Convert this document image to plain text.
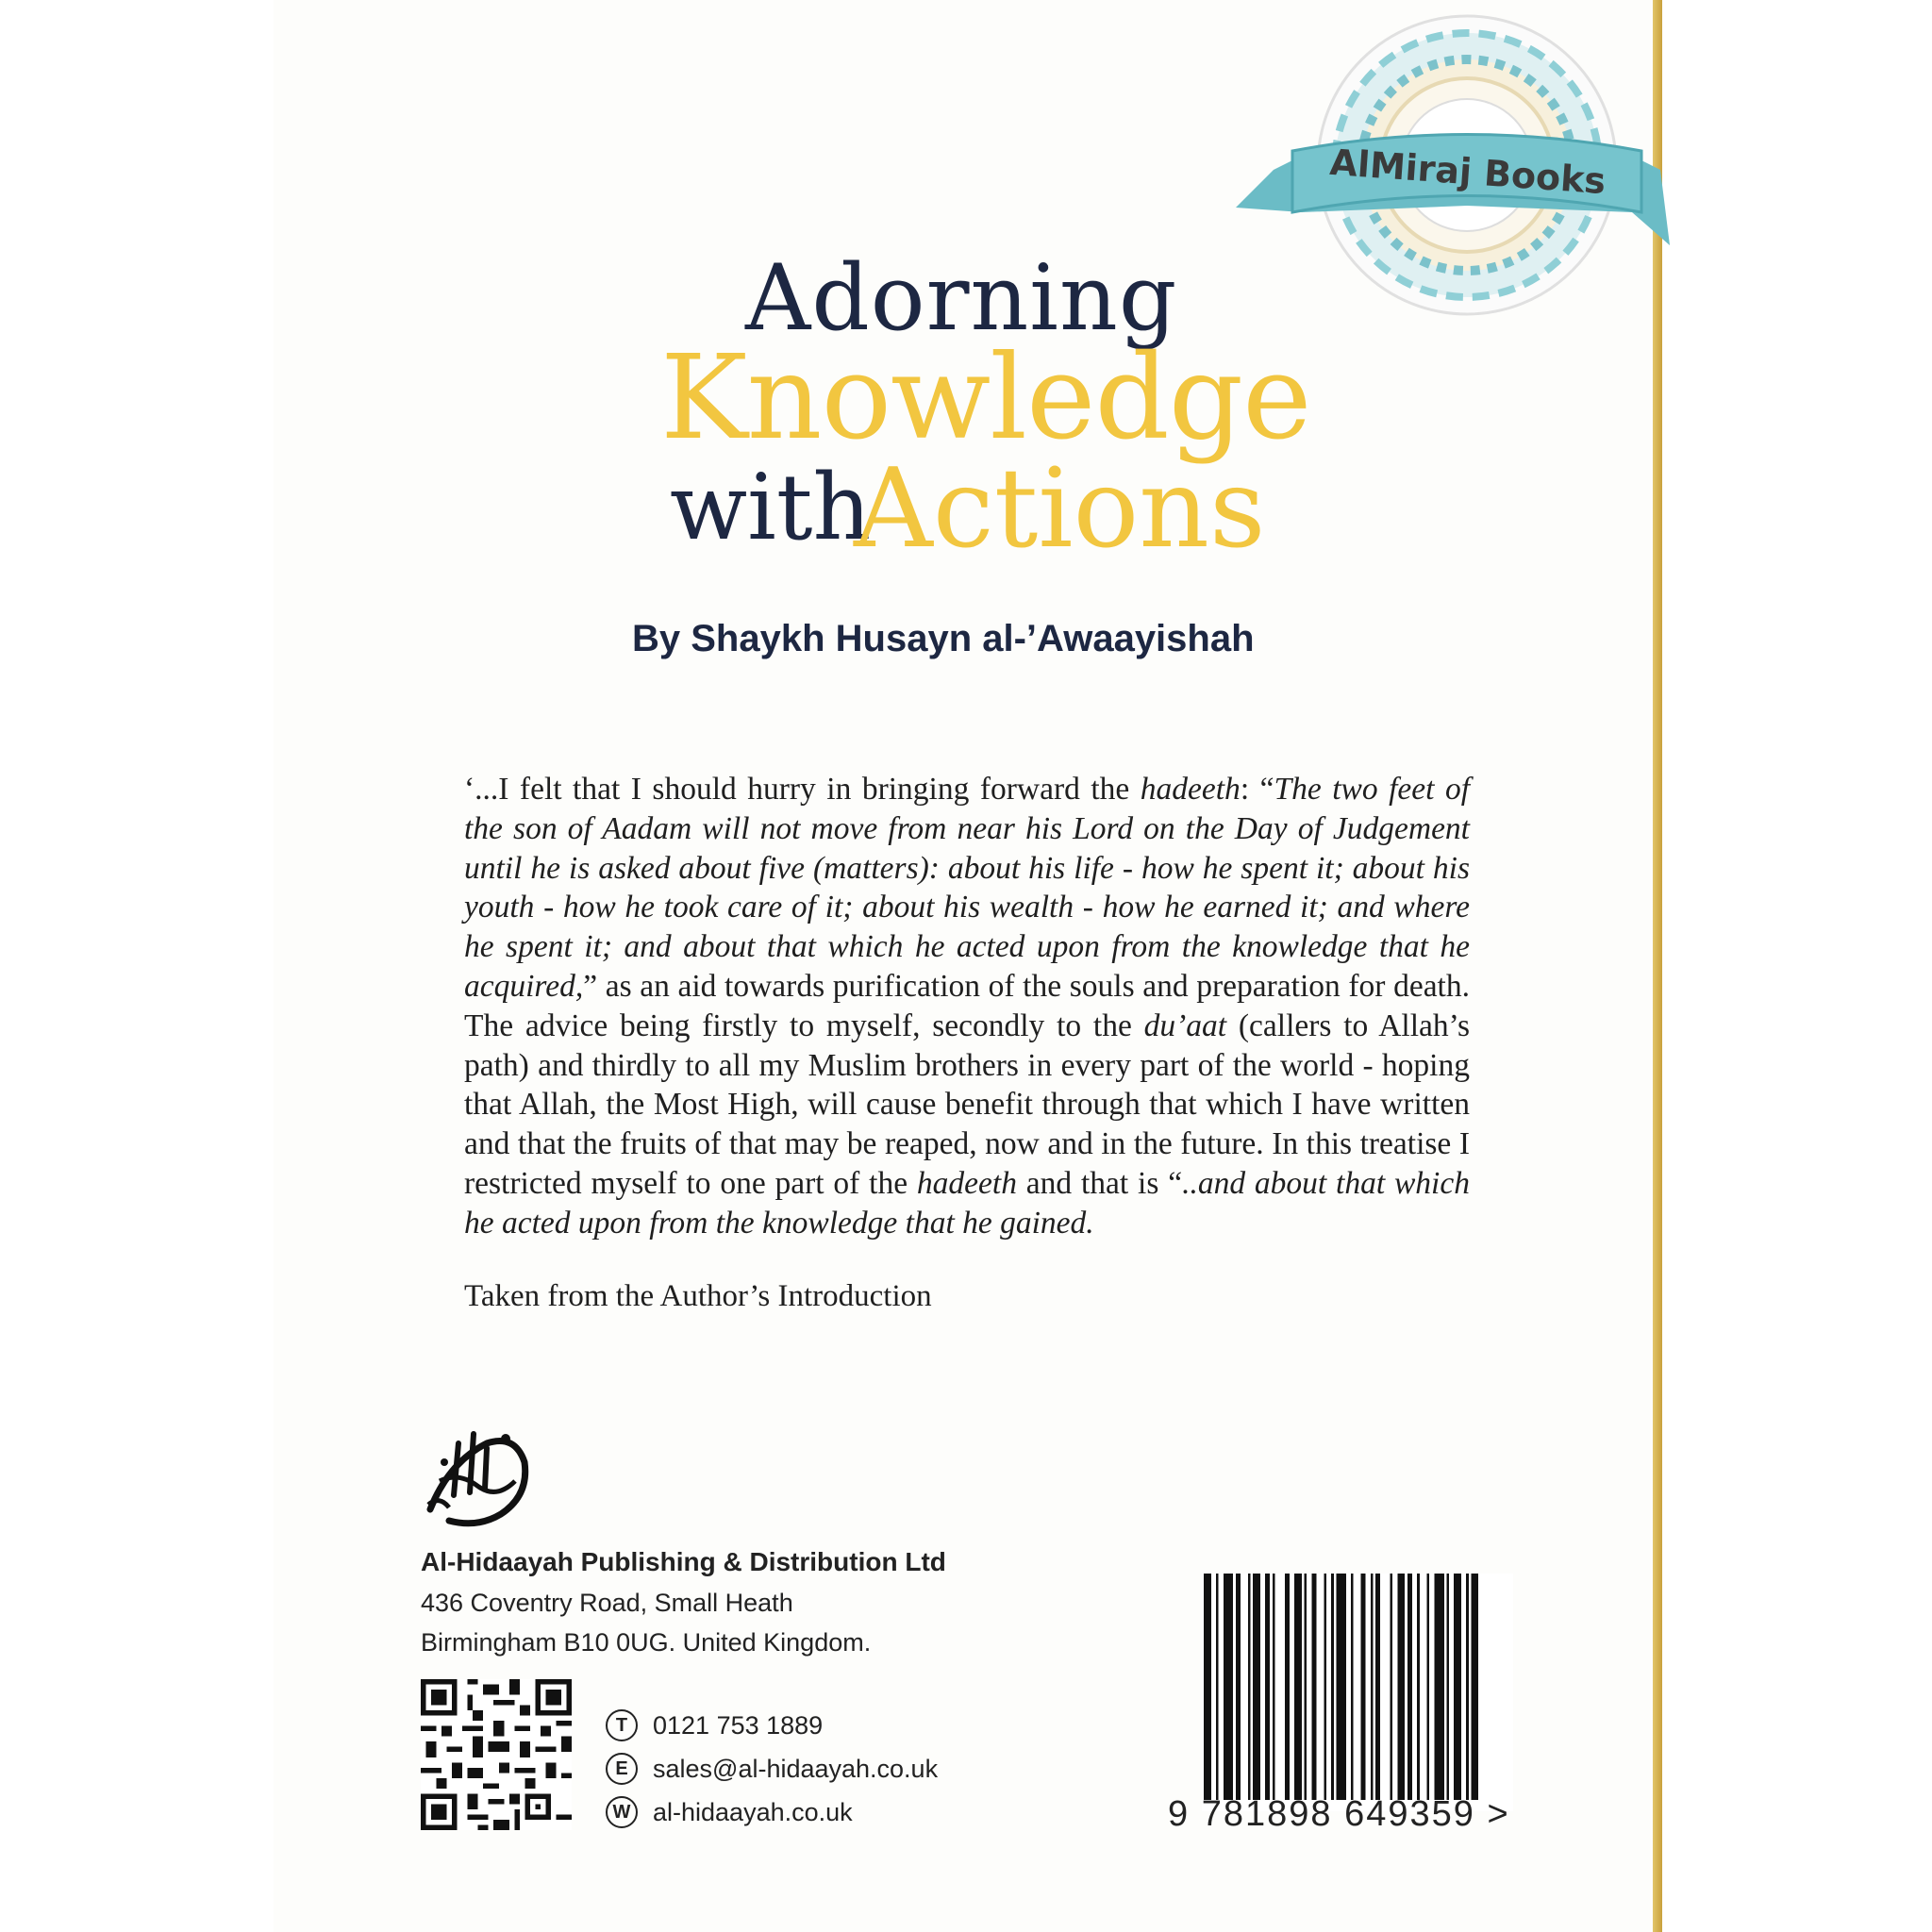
AlMiraj Books
Adorning
Knowledge
with
Actions
By Shaykh Husayn al-’Awaayishah
‘...I felt that I should hurry in bringing forward the hadeeth: “The two feet of the son of Aadam will not move from near his Lord on the Day of Judgement until he is asked about five (matters): about his life - how he spent it; about his youth - how he took care of it; about his wealth - how he earned it; and where he spent it; and about that which he acted upon from the knowledge that he acquired,” as an aid towards purification of the souls and preparation for death. The advice being firstly to myself, secondly to the du’aat (callers to Allah’s path) and thirdly to all my Muslim brothers in every part of the world - hoping that Allah, the Most High, will cause benefit through that which I have written and that the fruits of that may be reaped, now and in the future. In this treatise I restricted myself to one part of the hadeeth and that is “..and about that which he acted upon from the knowledge that he gained.
Taken from the Author’s Introduction
Al-Hidaayah Publishing & Distribution Ltd
436 Coventry Road, Small Heath
Birmingham B10 0UG. United Kingdom.
T 0121 753 1889
E sales@al-hidaayah.co.uk
W al-hidaayah.co.uk	9 781898 649359 >
